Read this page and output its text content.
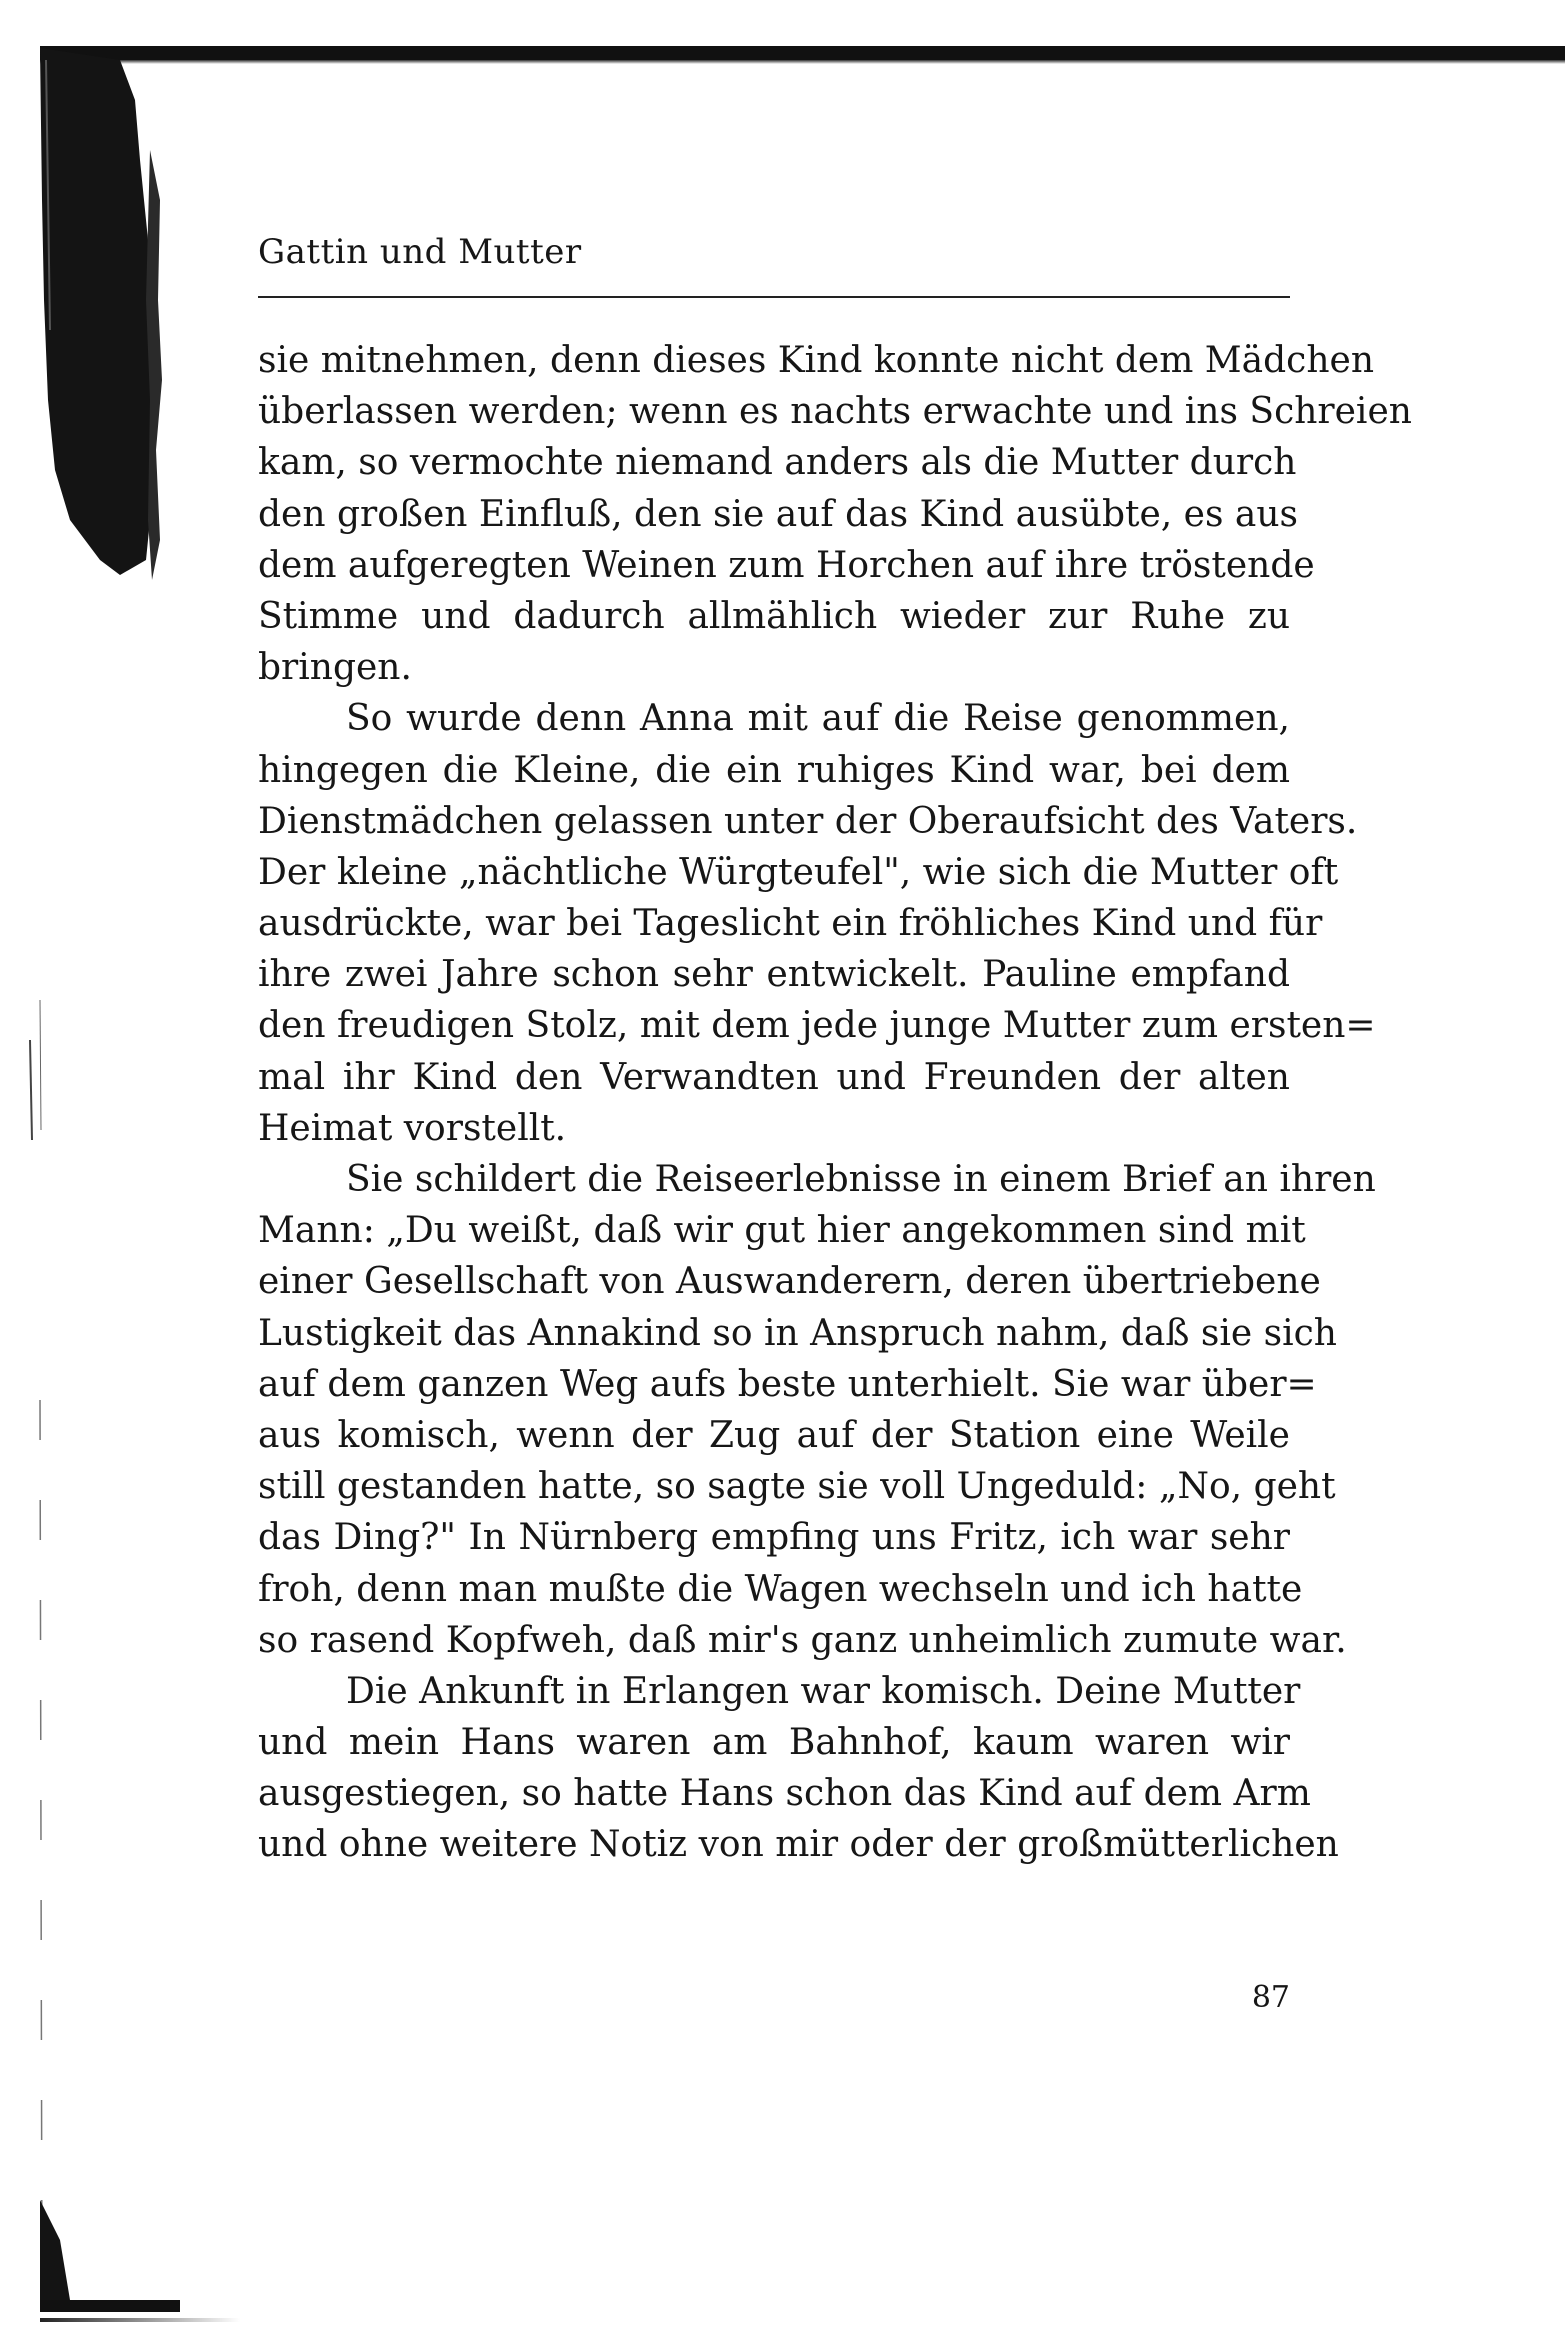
Gattin und Mutter
sie mitnehmen, denn dieses Kind konnte nicht dem Mädchen
überlassen werden; wenn es nachts erwachte und ins Schreien
kam, so vermochte niemand anders als die Mutter durch
den großen Einfluß, den sie auf das Kind ausübte, es aus
dem aufgeregten Weinen zum Horchen auf ihre tröstende
Stimme und dadurch allmählich wieder zur Ruhe zu
bringen.
So wurde denn Anna mit auf die Reise genommen,
hingegen die Kleine, die ein ruhiges Kind war, bei dem
Dienstmädchen gelassen unter der Oberaufsicht des Vaters.
Der kleine „nächtliche Würgteufel", wie sich die Mutter oft
ausdrückte, war bei Tageslicht ein fröhliches Kind und für
ihre zwei Jahre schon sehr entwickelt. Pauline empfand
den freudigen Stolz, mit dem jede junge Mutter zum ersten=
mal ihr Kind den Verwandten und Freunden der alten
Heimat vorstellt.
Sie schildert die Reiseerlebnisse in einem Brief an ihren
Mann: „Du weißt, daß wir gut hier angekommen sind mit
einer Gesellschaft von Auswanderern, deren übertriebene
Lustigkeit das Annakind so in Anspruch nahm, daß sie sich
auf dem ganzen Weg aufs beste unterhielt. Sie war über=
aus komisch, wenn der Zug auf der Station eine Weile
still gestanden hatte, so sagte sie voll Ungeduld: „No, geht
das Ding?" In Nürnberg empfing uns Fritz, ich war sehr
froh, denn man mußte die Wagen wechseln und ich hatte
so rasend Kopfweh, daß mir's ganz unheimlich zumute war.
Die Ankunft in Erlangen war komisch. Deine Mutter
und mein Hans waren am Bahnhof, kaum waren wir
ausgestiegen, so hatte Hans schon das Kind auf dem Arm
und ohne weitere Notiz von mir oder der großmütterlichen
87
